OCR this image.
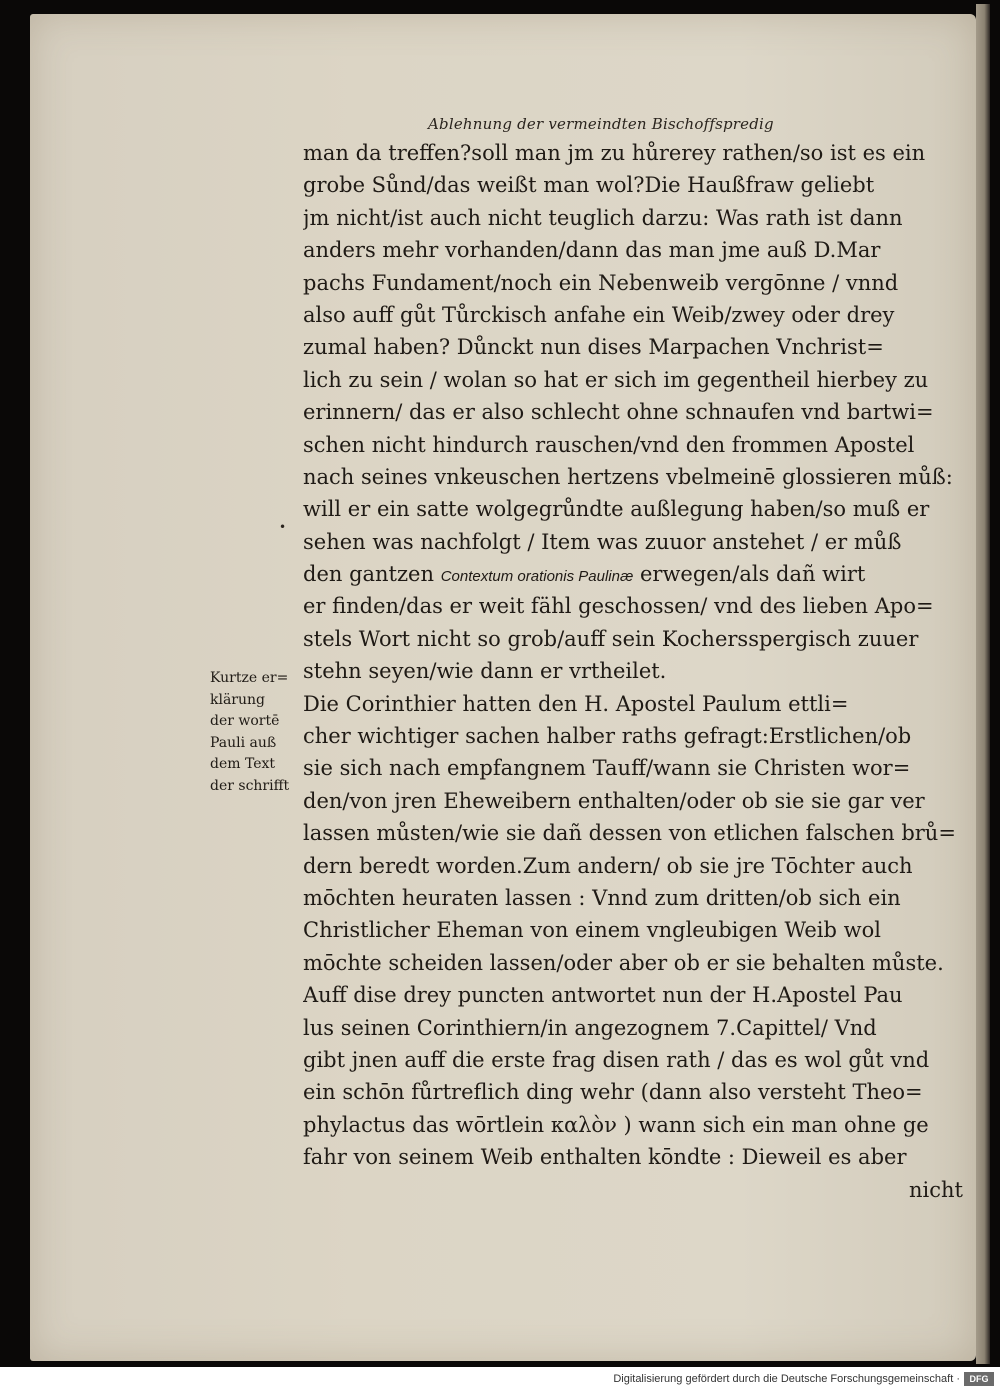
Ablehnung der vermeindten Bischoffspredig
•
man da treffen?soll man jm zu hůrerey rathen/so ist es ein
grobe Sůnd/das weißt man wol?Die Haußfraw geliebt
jm nicht/ist auch nicht teuglich darzu: Was rath ist dann
anders mehr vorhanden/dann das man jme auß D.Mar
pachs Fundament/noch ein Nebenweib vergōnne / vnnd
also auff gůt Tůrckisch anfahe ein Weib/zwey oder drey
zumal haben? Důnckt nun dises Marpachen Vnchrist=
lich zu sein / wolan so hat er sich im gegentheil hierbey zu
erinnern/ das er also schlecht ohne schnaufen vnd bartwi=
schen nicht hindurch rauschen/vnd den frommen Apostel
nach seines vnkeuschen hertzens vbelmeinē glossieren můß:
will er ein satte wolgegrůndte außlegung haben/so muß er
sehen was nachfolgt / Item was zuuor anstehet / er můß
den gantzen Contextum orationis Paulinæ erwegen/als dañ wirt
er finden/das er weit fähl geschossen/ vnd des lieben Apo=
stels Wort nicht so grob/auff sein Kochersspergisch zuuer
stehn seyen/wie dann er vrtheilet.
Die Corinthier hatten den H. Apostel Paulum ettli=
cher wichtiger sachen halber raths gefragt:Erstlichen/ob
sie sich nach empfangnem Tauff/wann sie Christen wor=
den/von jren Eheweibern enthalten/oder ob sie sie gar ver
lassen můsten/wie sie dañ dessen von etlichen falschen brů=
dern beredt worden.Zum andern/ ob sie jre Tōchter auch
mōchten heuraten lassen : Vnnd zum dritten/ob sich ein
Christlicher Eheman von einem vngleubigen Weib wol
mōchte scheiden lassen/oder aber ob er sie behalten můste.
Auff dise drey puncten antwortet nun der H.Apostel Pau
lus seinen Corinthiern/in angezognem 7.Capittel/ Vnd
gibt jnen auff die erste frag disen rath / das es wol gůt vnd
ein schōn fůrtreflich ding wehr (dann also versteht Theo=
phylactus das wōrtlein καλὸν ) wann sich ein man ohne ge
fahr von seinem Weib enthalten kōndte : Dieweil es aber
nicht
Kurtze er=
klärung
der wortē
Pauli auß
dem Text
der schrifft
Digitalisierung gefördert durch die Deutsche Forschungsgemeinschaft ·	DFG
